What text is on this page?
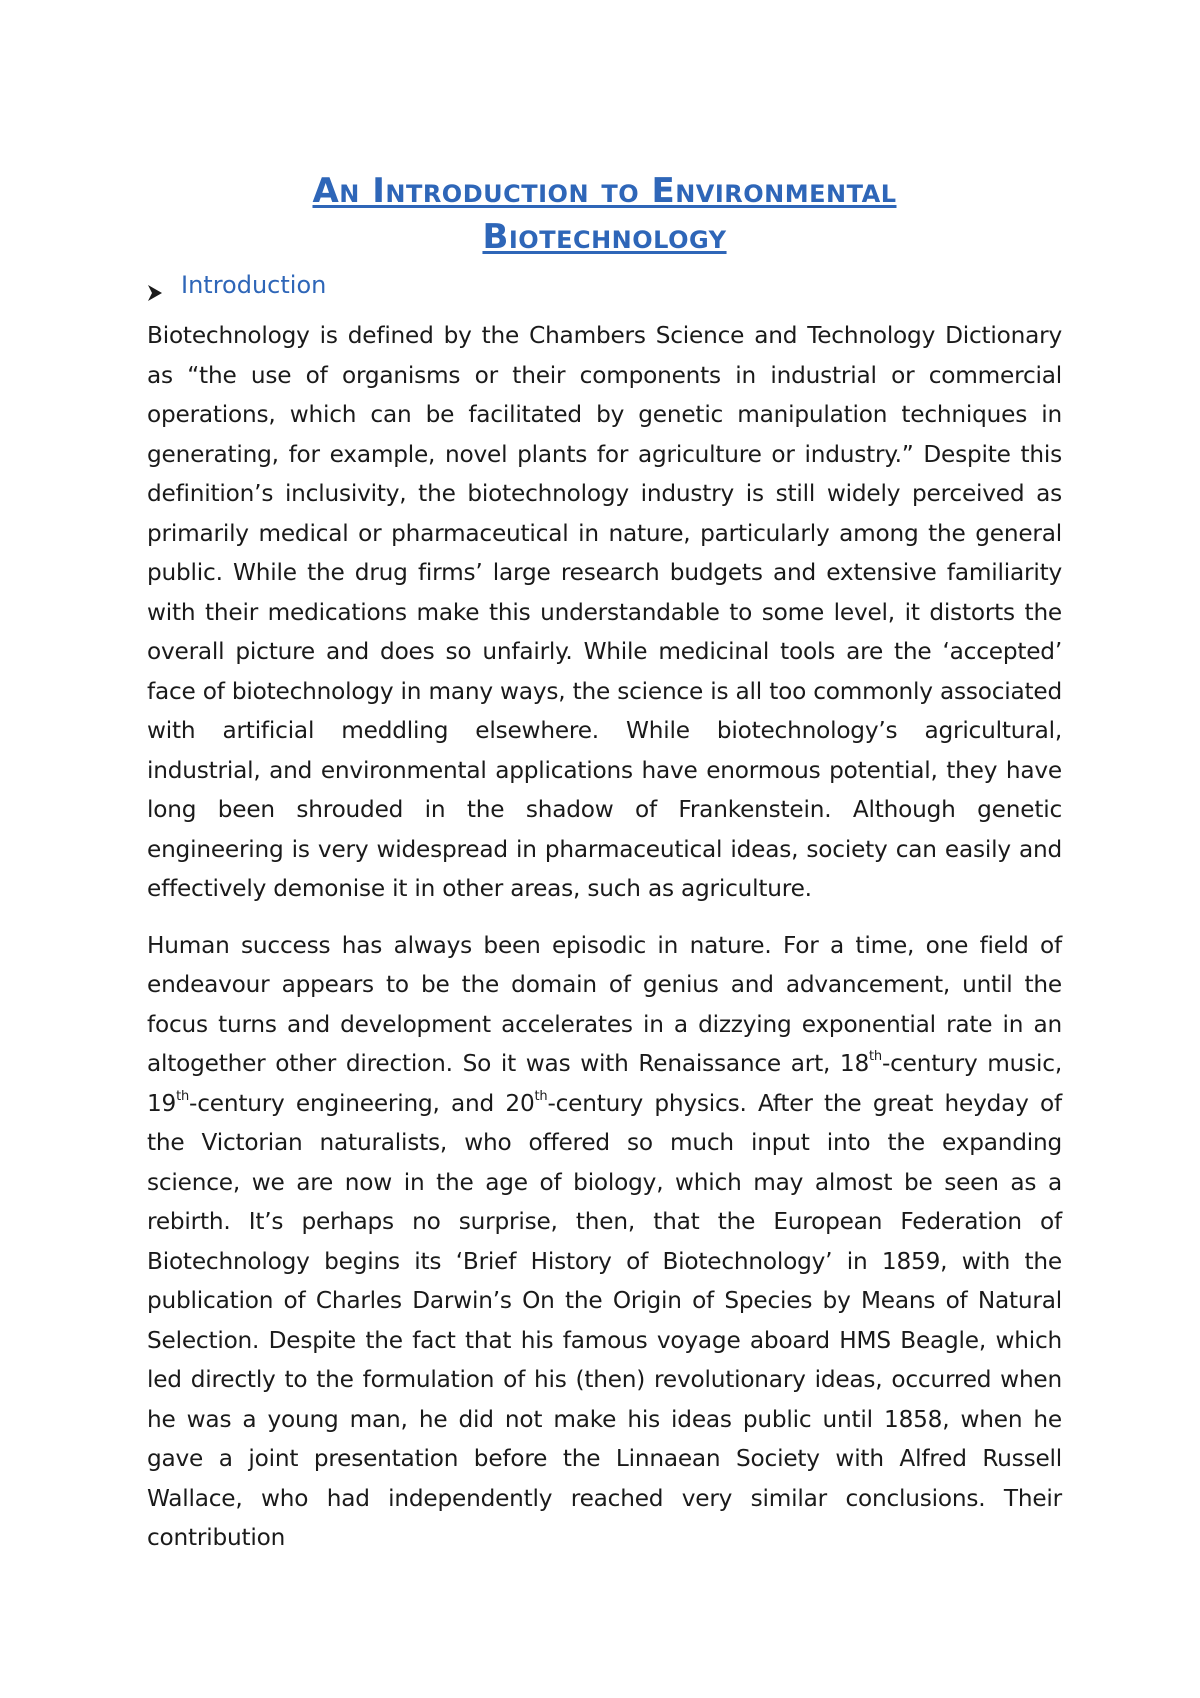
An Introduction to Environmental
Biotechnology
Introduction

Biotechnology is defined by the Chambers Science and Technology Dictionary as “the use of organisms or their components in industrial or commercial operations, which can be facilitated by genetic manipulation techniques in generating, for example, novel plants for agriculture or industry.” Despite this definition’s inclusivity, the biotechnology industry is still widely perceived as primarily medical or pharmaceutical in nature, particularly among the general public. While the drug firms’ large research budgets and extensive familiarity with their medications make this understandable to some level, it distorts the overall picture and does so unfairly. While medicinal tools are the ‘accepted’ face of biotechnology in many ways, the science is all too commonly associated with artificial meddling elsewhere. While biotechnology’s agricultural, industrial, and environmental applications have enormous potential, they have long been shrouded in the shadow of Frankenstein. Although genetic engineering is very widespread in pharmaceutical ideas, society can easily and effectively demonise it in other areas, such as agriculture.

Human success has always been episodic in nature. For a time, one field of endeavour appears to be the domain of genius and advancement, until the focus turns and development accelerates in a dizzying exponential rate in an altogether other direction. So it was with Renaissance art, 18th-century music, 19th-century engineering, and 20th-century physics. After the great heyday of the Victorian naturalists, who offered so much input into the expanding science, we are now in the age of biology, which may almost be seen as a rebirth. It’s perhaps no surprise, then, that the European Federation of Biotechnology begins its ‘Brief History of Biotechnology’ in 1859, with the publication of Charles Darwin’s On the Origin of Species by Means of Natural Selection. Despite the fact that his famous voyage aboard HMS Beagle, which led directly to the formulation of his (then) revolutionary ideas, occurred when he was a young man, he did not make his ideas public until 1858, when he gave a joint presentation before the Linnaean Society with Alfred Russell Wallace, who had independently reached very similar conclusions. Their contribution
